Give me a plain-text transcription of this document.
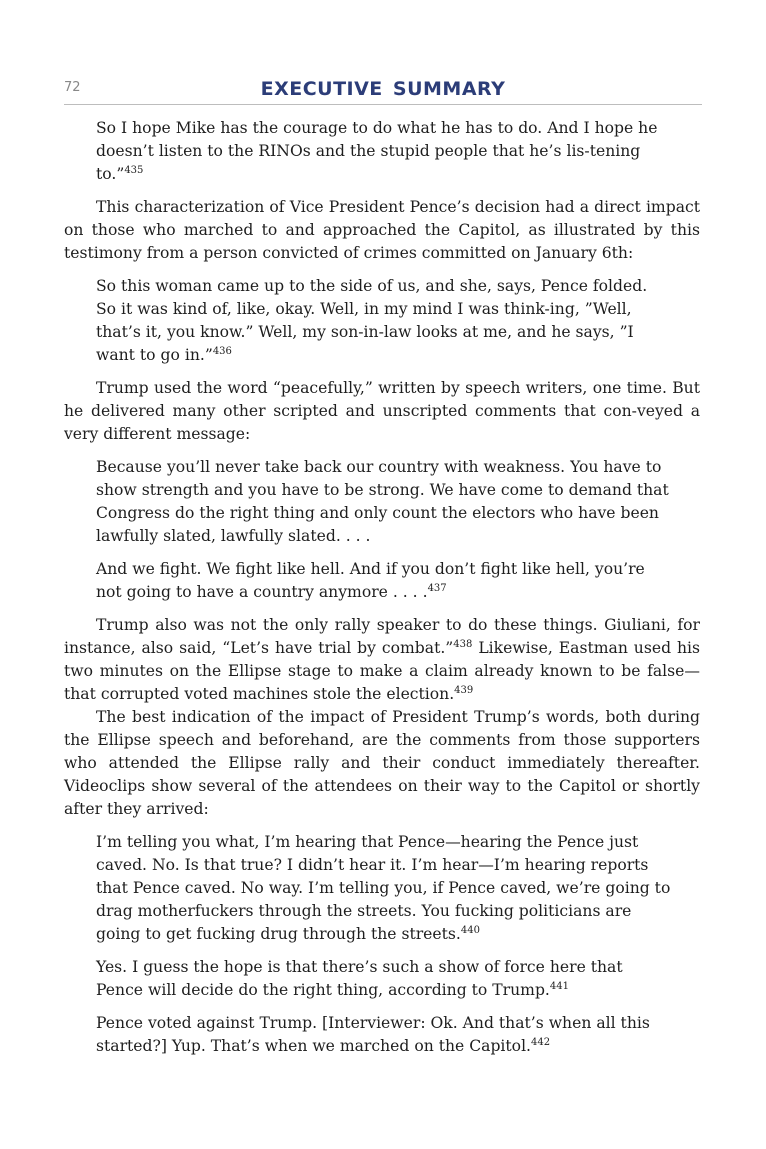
72	EXECUTIVE SUMMARY
So I hope Mike has the courage to do what he has to do. And I hope he doesn’t listen to the RINOs and the stupid people that he’s lis-tening to.”$^{435}$

This characterization of Vice President Pence’s decision had a direct impact on those who marched to and approached the Capitol, as illustrated by this testimony from a person convicted of crimes committed on January 6th:

So this woman came up to the side of us, and she, says, Pence folded. So it was kind of, like, okay. Well, in my mind I was think-ing, ”Well, that’s it, you know.” Well, my son-in-law looks at me, and he says, ”I want to go in.”$^{436}$

Trump used the word “peacefully,” written by speech writers, one time. But he delivered many other scripted and unscripted comments that con-veyed a very different message:

Because you’ll never take back our country with weakness. You have to show strength and you have to be strong. We have come to demand that Congress do the right thing and only count the electors who have been lawfully slated, lawfully slated. . . .
And we fight. We fight like hell. And if you don’t fight like hell, you’re not going to have a country anymore . . . .$^{437}$

Trump also was not the only rally speaker to do these things. Giuliani, for instance, also said, “Let’s have trial by combat.”$^{438}$ Likewise, Eastman used his two minutes on the Ellipse stage to make a claim already known to be false—that corrupted voted machines stole the election.$^{439}$

The best indication of the impact of President Trump’s words, both during the Ellipse speech and beforehand, are the comments from those supporters who attended the Ellipse rally and their conduct immediately thereafter. Videoclips show several of the attendees on their way to the Capitol or shortly after they arrived:

I’m telling you what, I’m hearing that Pence—hearing the Pence just caved. No. Is that true? I didn’t hear it. I’m hear—I’m hearing reports that Pence caved. No way. I’m telling you, if Pence caved, we’re going to drag motherfuckers through the streets. You fucking politicians are going to get fucking drug through the streets.$^{440}$
Yes. I guess the hope is that there’s such a show of force here that Pence will decide do the right thing, according to Trump.$^{441}$
Pence voted against Trump. [Interviewer: Ok. And that’s when all this started?] Yup. That’s when we marched on the Capitol.$^{442}$
